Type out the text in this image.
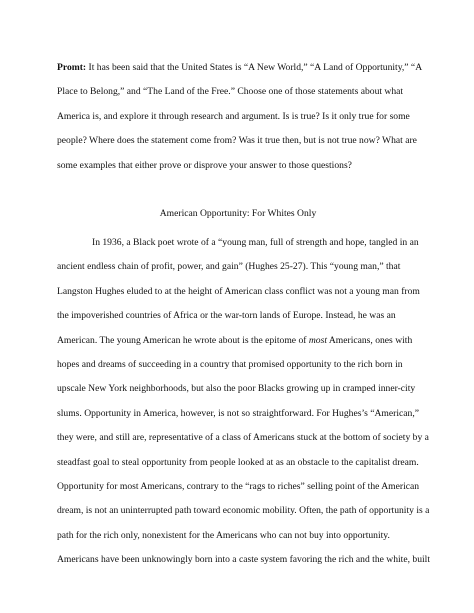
Promt: It has been said that the United States is “A New World,” “A Land of Opportunity,” “A
Place to Belong,” and “The Land of the Free.” Choose one of those statements about what
America is, and explore it through research and argument. Is is true? Is it only true for some
people? Where does the statement come from? Was it true then, but is not true now? What are
some examples that either prove or disprove your answer to those questions?
American Opportunity: For Whites Only
In 1936, a Black poet wrote of a “young man, full of strength and hope, tangled in an
ancient endless chain of profit, power, and gain” (Hughes 25-27). This “young man,” that
Langston Hughes eluded to at the height of American class conflict was not a young man from
the impoverished countries of Africa or the war-torn lands of Europe. Instead, he was an
American. The young American he wrote about is the epitome of most Americans, ones with
hopes and dreams of succeeding in a country that promised opportunity to the rich born in
upscale New York neighborhoods, but also the poor Blacks growing up in cramped inner-city
slums. Opportunity in America, however, is not so straightforward. For Hughes’s “American,”
they were, and still are, representative of a class of Americans stuck at the bottom of society by a
steadfast goal to steal opportunity from people looked at as an obstacle to the capitalist dream.
Opportunity for most Americans, contrary to the “rags to riches” selling point of the American
dream, is not an uninterrupted path toward economic mobility. Often, the path of opportunity is a
path for the rich only, nonexistent for the Americans who can not buy into opportunity.
Americans have been unknowingly born into a caste system favoring the rich and the white, built
